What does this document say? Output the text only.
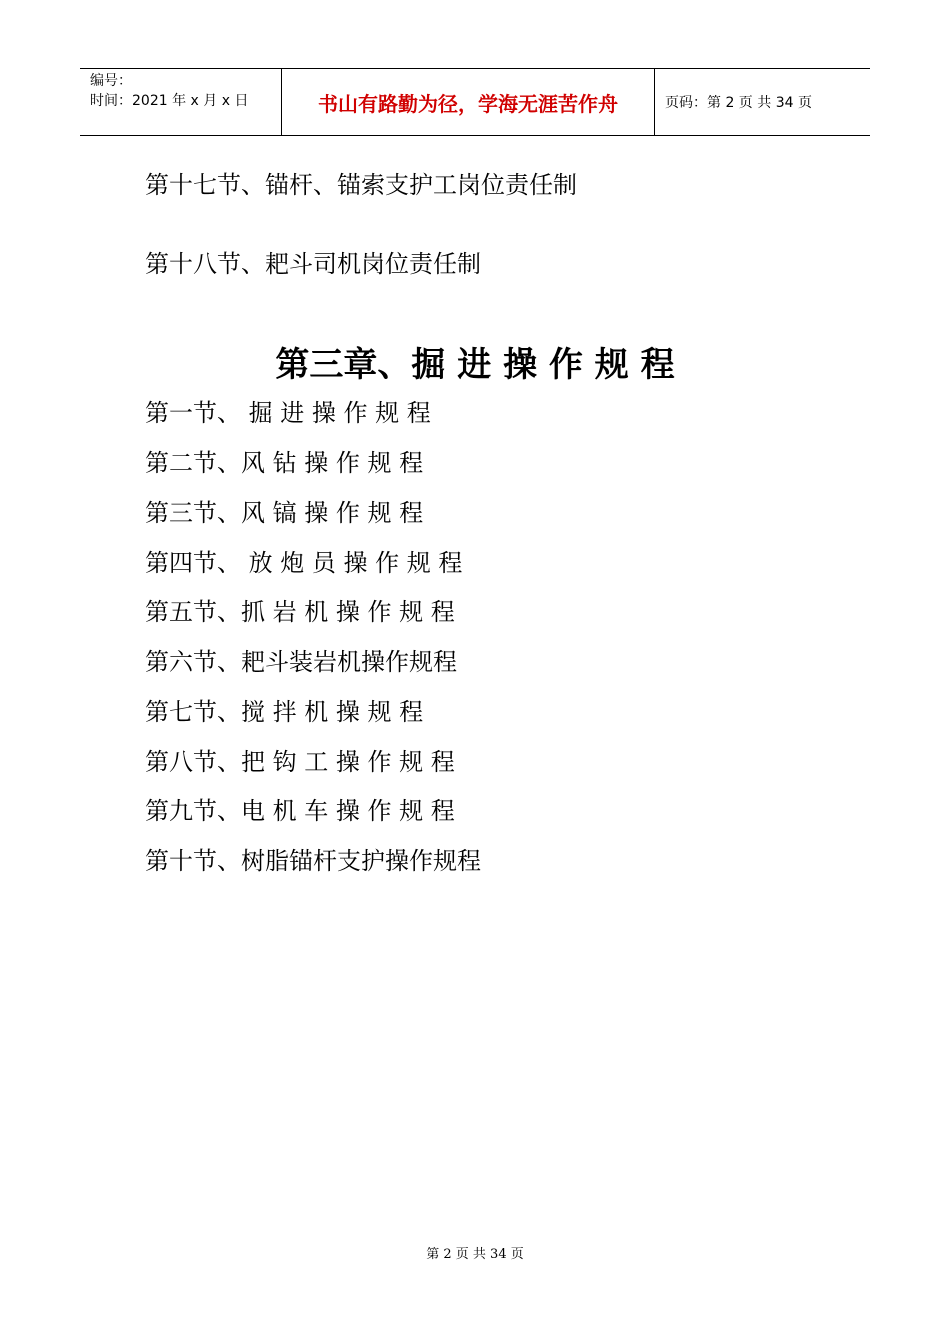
编号：
时间：2021 年 x 月 x 日	书山有路勤为径，学海无涯苦作舟	页码：第 2 页 共 34 页
第十七节、锚杆、锚索支护工岗位责任制
第十八节、耙斗司机岗位责任制
第三章、掘 进 操 作 规 程
第一节、 掘 进 操 作 规 程
第二节、风 钻 操 作 规 程
第三节、风 镐 操 作 规 程
第四节、 放 炮 员 操 作 规 程
第五节、抓 岩 机 操 作 规 程
第六节、耙斗装岩机操作规程
第七节、搅 拌 机 操 规 程
第八节、把 钩 工 操 作 规 程
第九节、电 机 车 操 作 规 程
第十节、树脂锚杆支护操作规程
第 2 页 共 34 页
